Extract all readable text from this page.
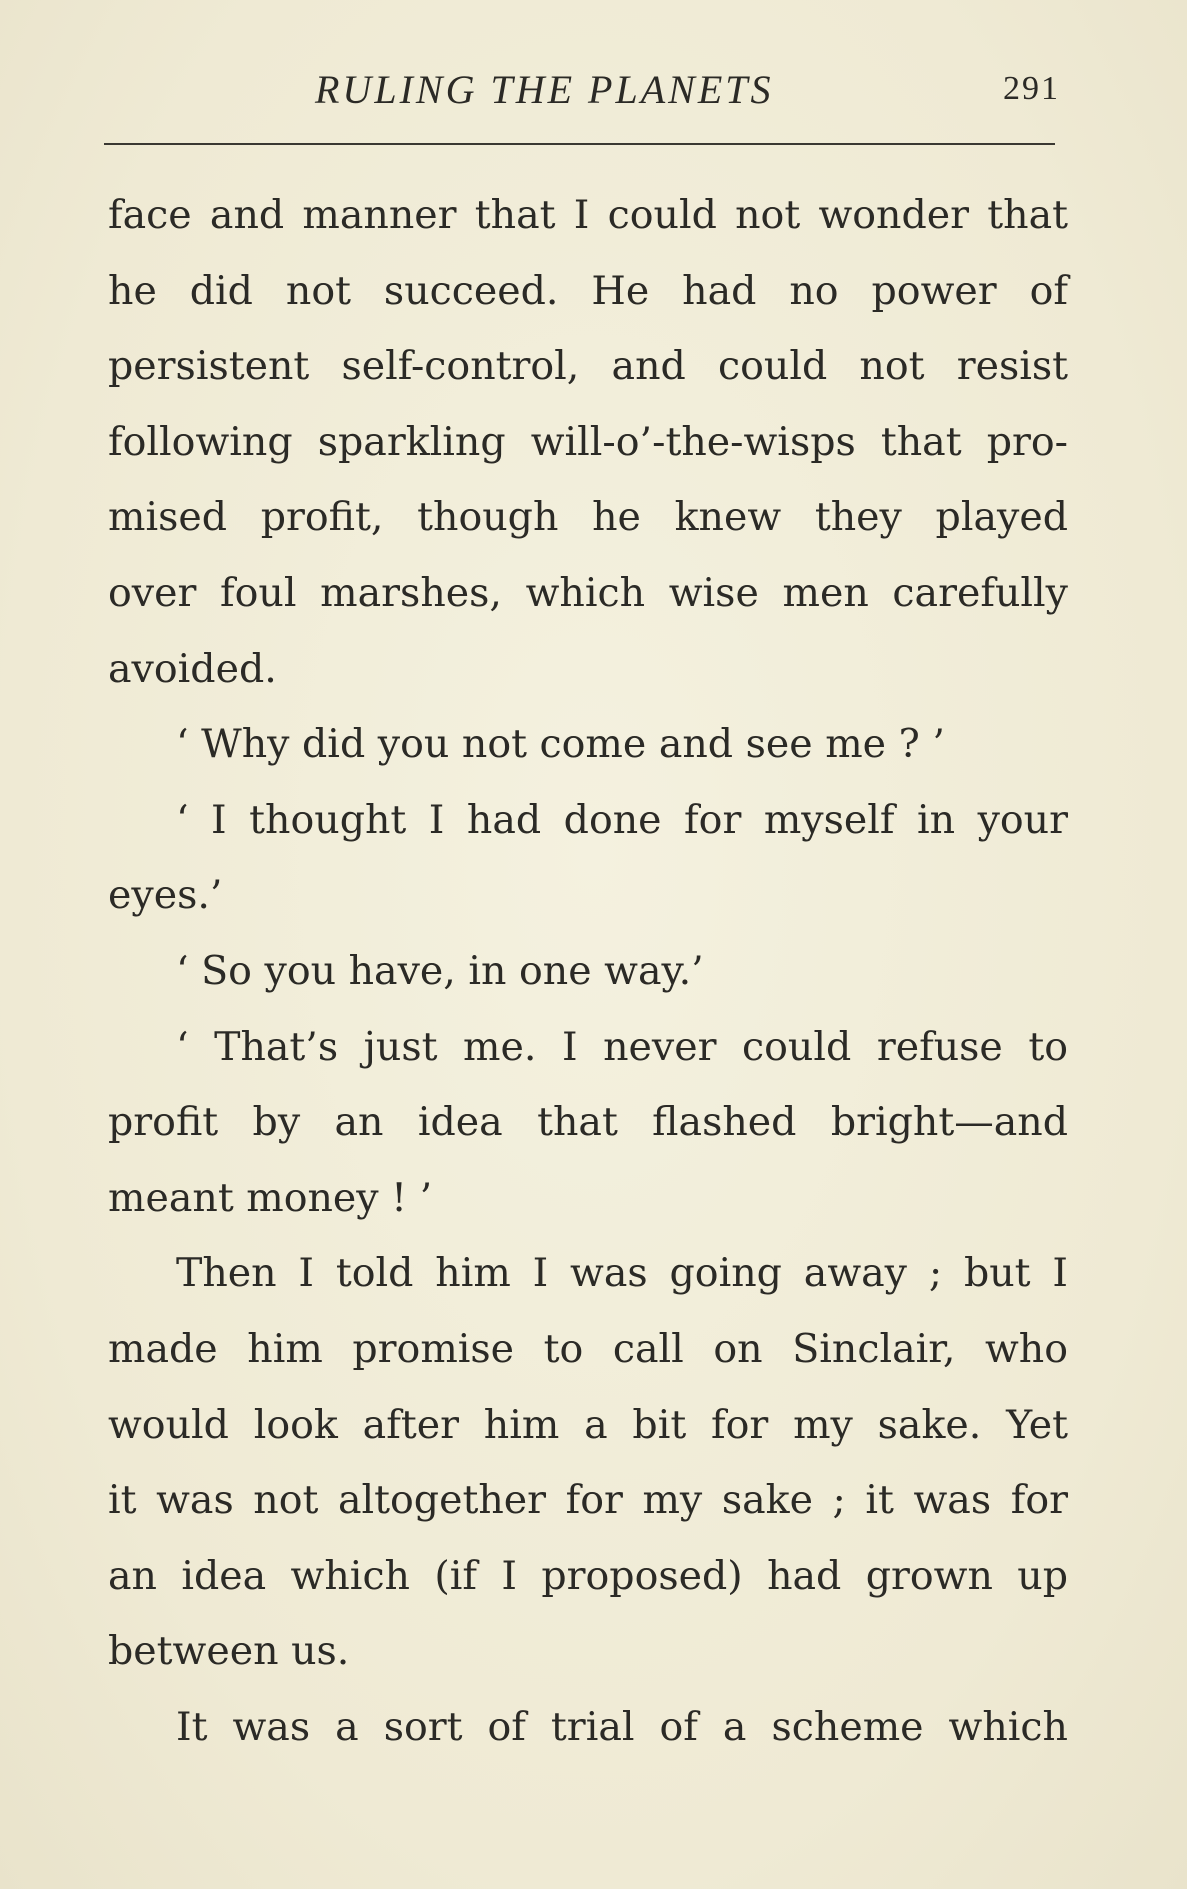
RULING THE PLANETS	291
face and manner that I could not wonder that
he did not succeed. He had no power of
persistent self-control, and could not resist
following sparkling will-o’-the-wisps that pro-
mised profit, though he knew they played
over foul marshes, which wise men carefully
avoided.
‘ Why did you not come and see me ? ’
‘ I thought I had done for myself in your
eyes.’
‘ So you have, in one way.’
‘ That’s just me. I never could refuse to
profit by an idea that flashed bright—and
meant money ! ’
Then I told him I was going away ; but I
made him promise to call on Sinclair, who
would look after him a bit for my sake. Yet
it was not altogether for my sake ; it was for
an idea which (if I proposed) had grown up
between us.
It was a sort of trial of a scheme which
